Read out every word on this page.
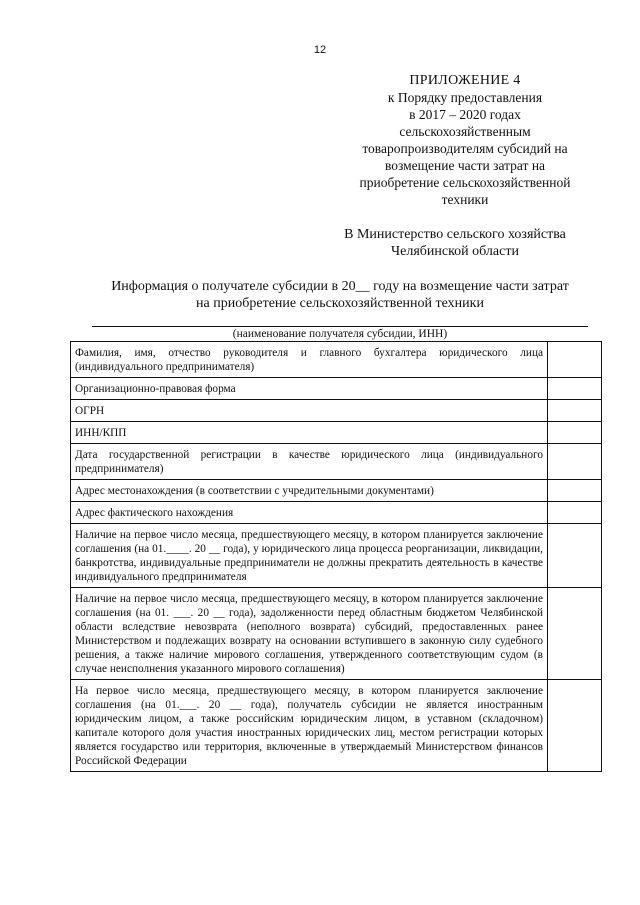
12
ПРИЛОЖЕНИЕ 4
к Порядку предоставления
в 2017 – 2020 годах
сельскохозяйственным
товаропроизводителям субсидий на
возмещение части затрат на
приобретение сельскохозяйственной
техники
В Министерство сельского хозяйства
Челябинской области
Информация о получателе субсидии в 20__ году на возмещение части затрат
на приобретение сельскохозяйственной техники
(наименование получателя субсидии, ИНН)
Фамилия, имя, отчество руководителя и главного бухгалтера юридического лица (индивидуального предпринимателя)	
Организационно-правовая форма	
ОГРН	
ИНН/КПП	
Дата государственной регистрации в качестве юридического лица (индивидуального предпринимателя)	
Адрес местонахождения (в соответствии с учредительными документами)	
Адрес фактического нахождения	
Наличие на первое число месяца, предшествующего месяцу, в котором планируется заключение соглашения (на 01.____. 20 __ года), у юридического лица процесса реорганизации, ликвидации, банкротства, индивидуальные предприниматели не должны прекратить деятельность в качестве индивидуального предпринимателя	
Наличие на первое число месяца, предшествующего месяцу, в котором планируется заключение соглашения (на 01. ___. 20 __ года), задолженности перед областным бюджетом Челябинской области вследствие невозврата (неполного возврата) субсидий, предоставленных ранее Министерством и подлежащих возврату на основании вступившего в законную силу судебного решения, а также наличие мирового соглашения, утвержденного соответствующим судом (в случае неисполнения указанного мирового соглашения)	
На первое число месяца, предшествующего месяцу, в котором планируется заключение соглашения (на 01.___. 20 __ года), получатель субсидии не является иностранным юридическим лицом, а также российским юридическим лицом, в уставном (складочном) капитале которого доля участия иностранных юридических лиц, местом регистрации которых является государство или территория, включенные в утверждаемый Министерством финансов Российской Федерации	
